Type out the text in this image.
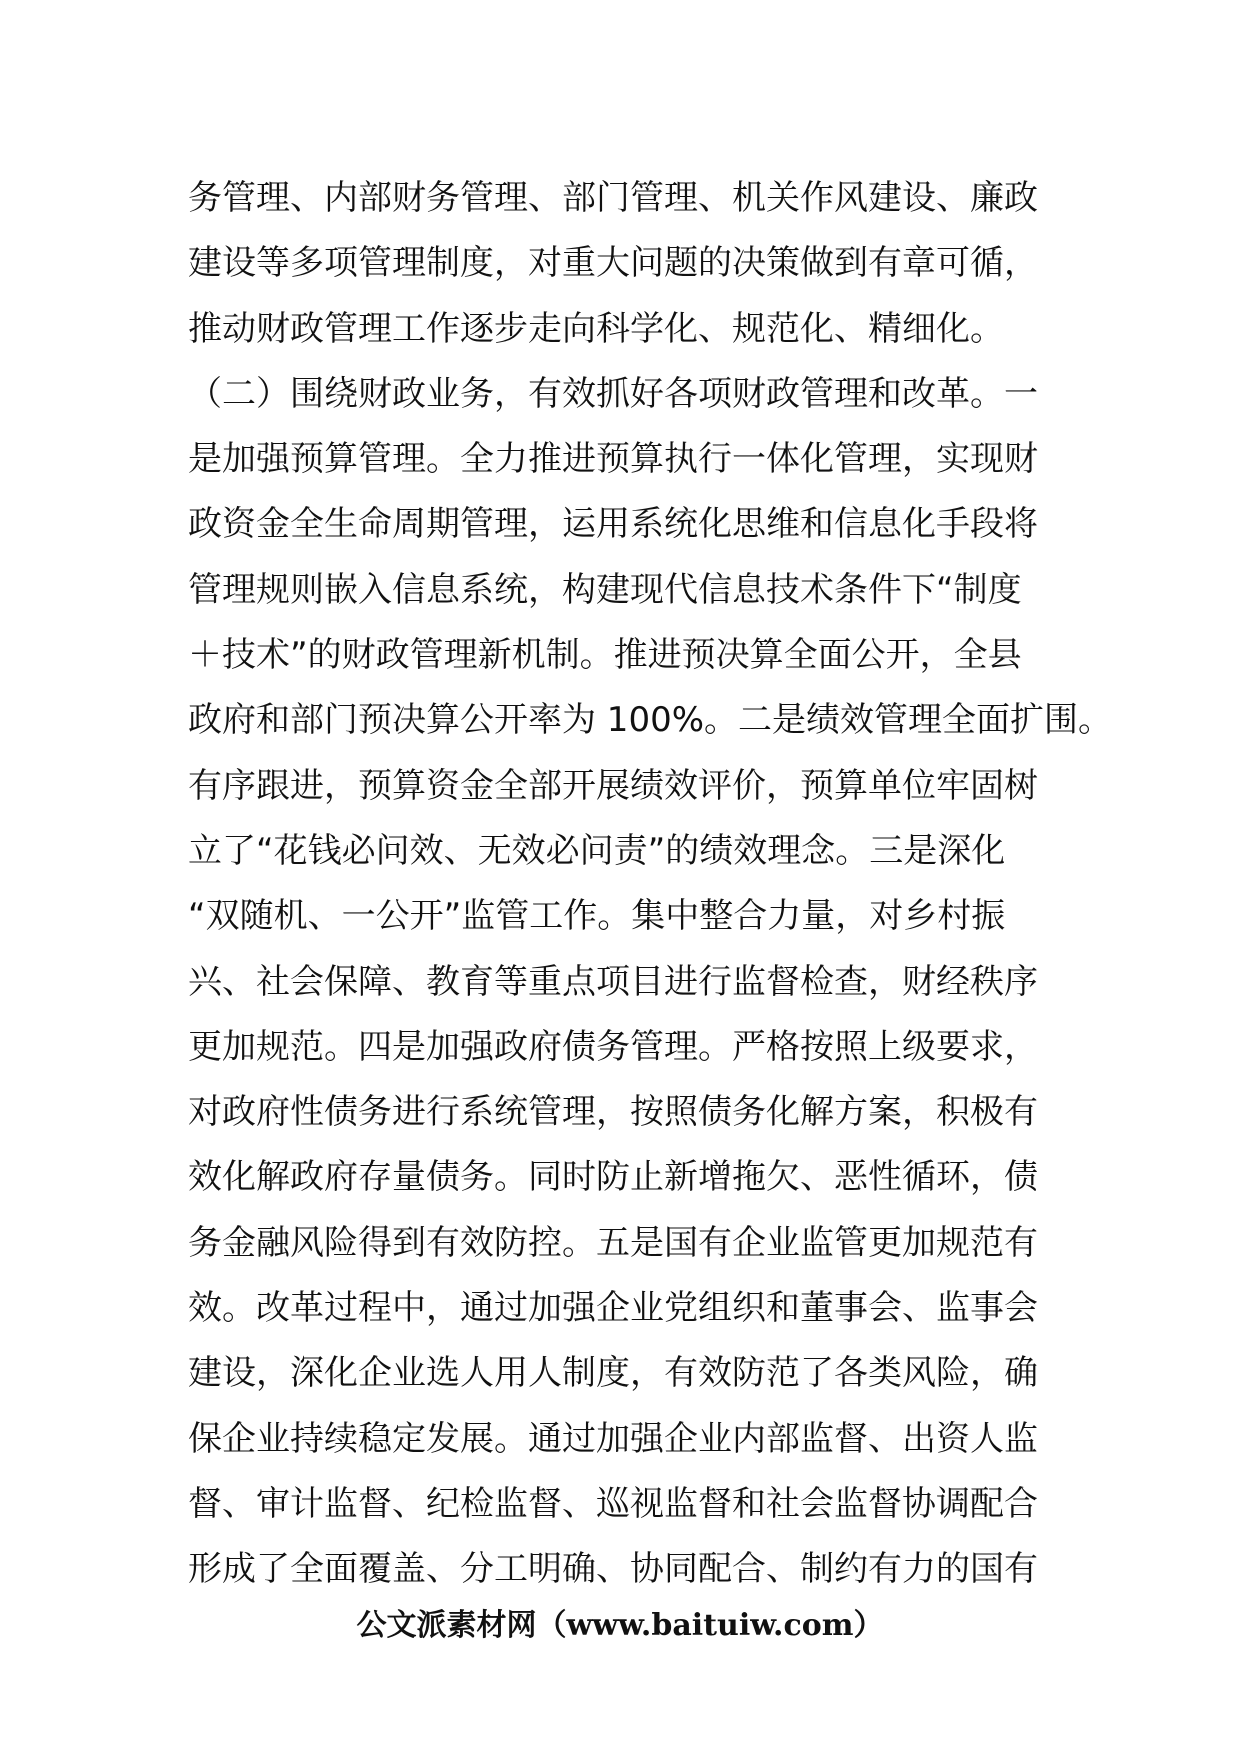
务管理、内部财务管理、部门管理、机关作风建设、廉政
建设等多项管理制度，对重大问题的决策做到有章可循，
推动财政管理工作逐步走向科学化、规范化、精细化。
（二）围绕财政业务，有效抓好各项财政管理和改革。一
是加强预算管理。全力推进预算执行一体化管理，实现财
政资金全生命周期管理，运用系统化思维和信息化手段将
管理规则嵌入信息系统，构建现代信息技术条件下“制度
＋技术”的财政管理新机制。推进预决算全面公开，全县
政府和部门预决算公开率为 100%。二是绩效管理全面扩围。
有序跟进，预算资金全部开展绩效评价，预算单位牢固树
立了“花钱必问效、无效必问责”的绩效理念。三是深化
“双随机、一公开”监管工作。集中整合力量，对乡村振
兴、社会保障、教育等重点项目进行监督检查，财经秩序
更加规范。四是加强政府债务管理。严格按照上级要求，
对政府性债务进行系统管理，按照债务化解方案，积极有
效化解政府存量债务。同时防止新增拖欠、恶性循环，债
务金融风险得到有效防控。五是国有企业监管更加规范有
效。改革过程中，通过加强企业党组织和董事会、监事会
建设，深化企业选人用人制度，有效防范了各类风险，确
保企业持续稳定发展。通过加强企业内部监督、出资人监
督、审计监督、纪检监督、巡视监督和社会监督协调配合
形成了全面覆盖、分工明确、协同配合、制约有力的国有
公文派素材网（www.baituiw.com）
